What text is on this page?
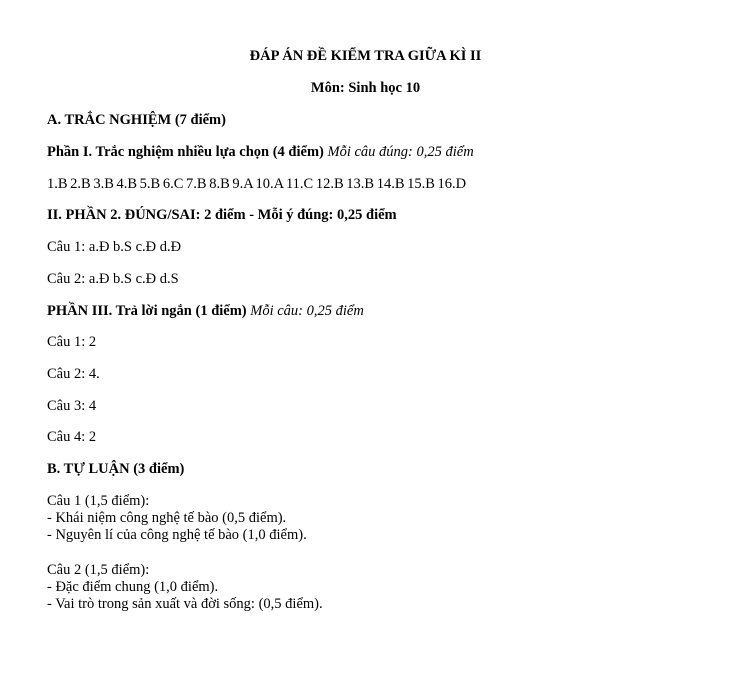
ĐÁP ÁN ĐỀ KIỂM TRA GIỮA KÌ II
Môn: Sinh học 10
A. TRẮC NGHIỆM (7 điểm)
Phần I. Trắc nghiệm nhiều lựa chọn (4 điểm) Mỗi câu đúng: 0,25 điểm
1.B 2.B 3.B 4.B 5.B 6.C 7.B 8.B 9.A 10.A 11.C 12.B 13.B 14.B 15.B 16.D
II. PHẦN 2. ĐÚNG/SAI: 2 điểm - Mỗi ý đúng: 0,25 điểm
Câu 1: a.Đ b.S c.Đ d.Đ
Câu 2: a.Đ b.S c.Đ d.S
PHẦN III. Trả lời ngắn (1 điểm) Mỗi câu: 0,25 điểm
Câu 1: 2
Câu 2: 4.
Câu 3: 4
Câu 4: 2
B. TỰ LUẬN (3 điểm)
Câu 1 (1,5 điểm):
- Khái niệm công nghệ tế bào (0,5 điểm).
- Nguyên lí của công nghệ tế bào (1,0 điểm).
Câu 2 (1,5 điểm):
- Đặc điểm chung (1,0 điểm).
- Vai trò trong sản xuất và đời sống: (0,5 điểm).
